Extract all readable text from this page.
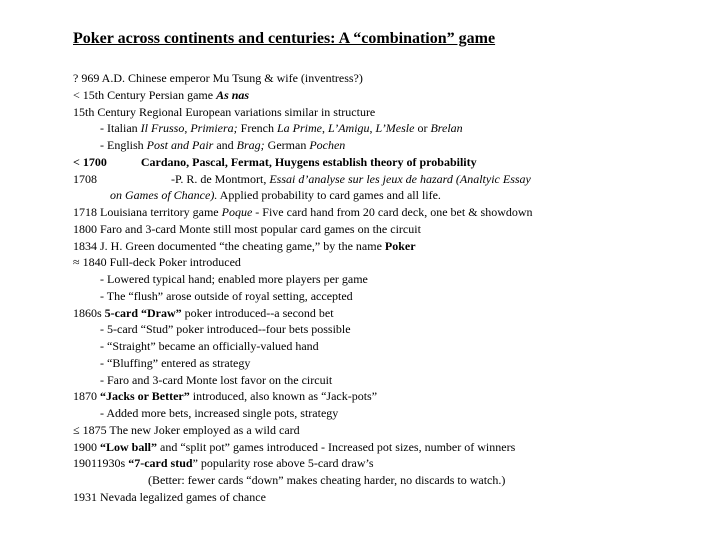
Poker across continents and centuries: A “combination” game
? 969 A.D. Chinese emperor Mu Tsung & wife (inventress?)
< 15th Century Persian game As nas
15th Century Regional European variations similar in structure
- Italian Il Frusso, Primiera; French La Prime, L’Amigu, L’Mesle or Brelan
- English Post and Pair and Brag; German Pochen
< 1700	Cardano, Pascal, Fermat, Huygens establish theory of probability
1708	-P. R. de Montmort, Essai d’analyse sur les jeux de hazard (Analtyic Essay
on Games of Chance). Applied probability to card games and all life.
1718 Louisiana territory game Poque - Five card hand from 20 card deck, one bet & showdown
1800 Faro and 3-card Monte still most popular card games on the circuit
1834 J. H. Green documented “the cheating game,” by the name Poker
≈ 1840 Full-deck Poker introduced
- Lowered typical hand; enabled more players per game
- The “flush” arose outside of royal setting, accepted
1860s 5-card “Draw” poker introduced--a second bet
- 5-card “Stud” poker introduced--four bets possible
- “Straight” became an officially-valued hand
- “Bluffing” entered as strategy
- Faro and 3-card Monte lost favor on the circuit
1870 “Jacks or Better” introduced, also known as “Jack-pots”
- Added more bets, increased single pots, strategy
≤ 1875 The new Joker employed as a wild card
1900 “Low ball” and “split pot” games introduced - Increased pot sizes, number of winners
19011930s “7-card stud” popularity rose above 5-card draw’s
(Better: fewer cards “down” makes cheating harder, no discards to watch.)
1931 Nevada legalized games of chance
